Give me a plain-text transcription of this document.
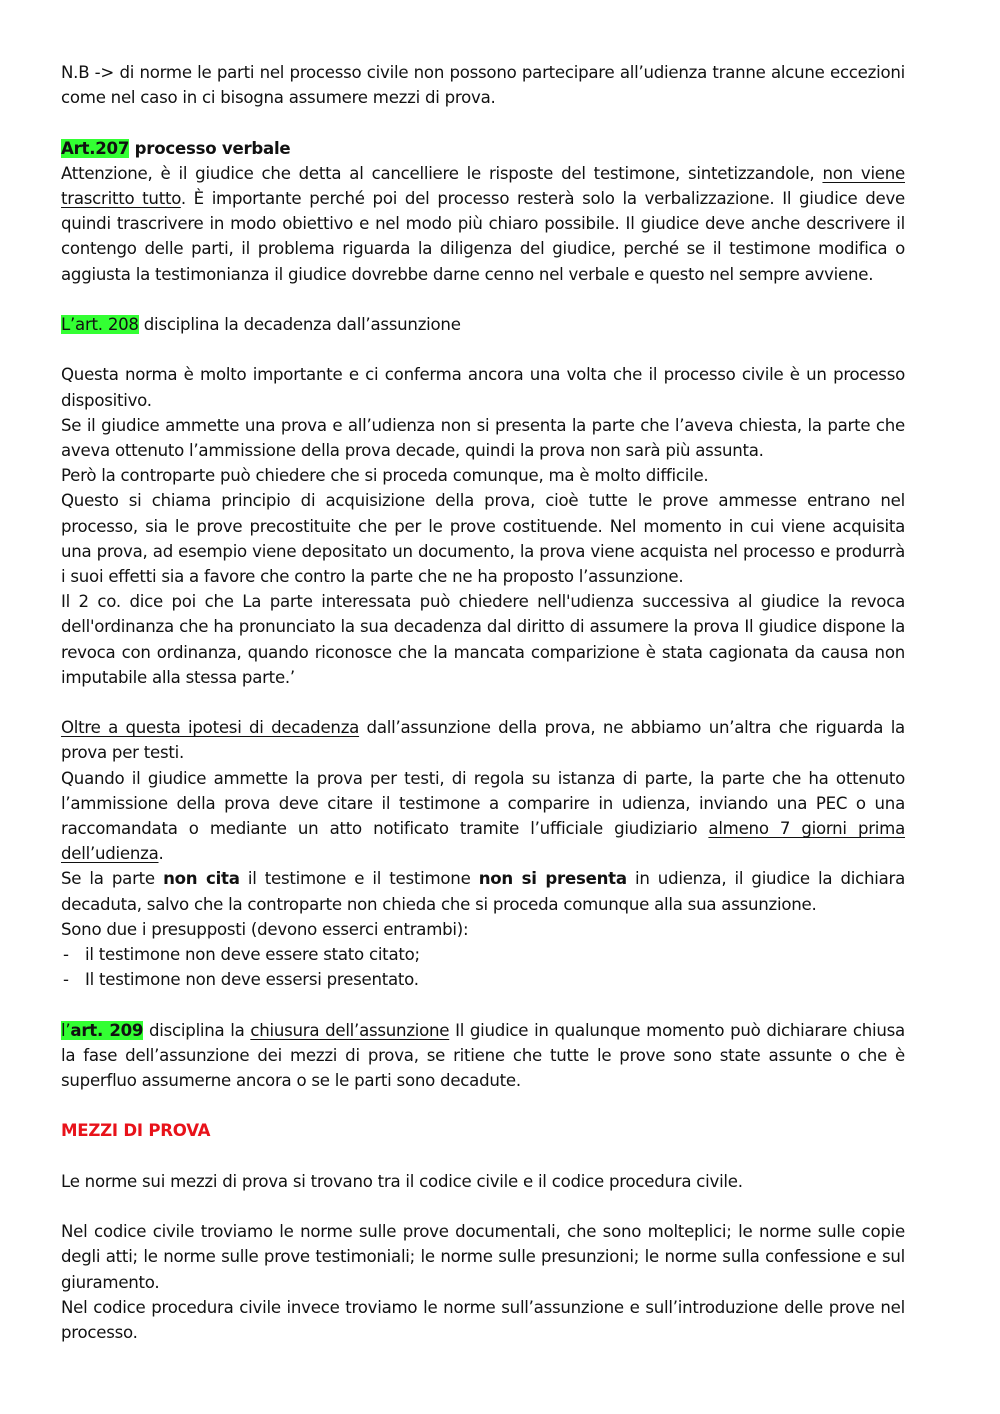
N.B -> di norme le parti nel processo civile non possono partecipare all’udienza tranne alcune eccezioni come nel caso in ci bisogna assumere mezzi di prova.

Art.207 processo verbale

Attenzione, è il giudice che detta al cancelliere le risposte del testimone, sintetizzandole, non viene trascritto tutto. È importante perché poi del processo resterà solo la verbalizzazione. Il giudice deve quindi trascrivere in modo obiettivo e nel modo più chiaro possibile. Il giudice deve anche descrivere il contengo delle parti, il problema riguarda la diligenza del giudice, perché se il testimone modifica o aggiusta la testimonianza il giudice dovrebbe darne cenno nel verbale e questo nel sempre avviene.

L’art. 208 disciplina la decadenza dall’assunzione

Questa norma è molto importante e ci conferma ancora una volta che il processo civile è un processo dispositivo.

Se il giudice ammette una prova e all’udienza non si presenta la parte che l’aveva chiesta, la parte che aveva ottenuto l’ammissione della prova decade, quindi la prova non sarà più assunta.

Però la controparte può chiedere che si proceda comunque, ma è molto difficile.

Questo si chiama principio di acquisizione della prova, cioè tutte le prove ammesse entrano nel processo, sia le prove precostituite che per le prove costituende. Nel momento in cui viene acquisita una prova, ad esempio viene depositato un documento, la prova viene acquista nel processo e produrrà i suoi effetti sia a favore che contro la parte che ne ha proposto l’assunzione.

Il 2 co. dice poi che La parte interessata può chiedere nell'udienza successiva al giudice la revoca dell'ordinanza che ha pronunciato la sua decadenza dal diritto di assumere la prova Il giudice dispone la revoca con ordinanza, quando riconosce che la mancata comparizione è stata cagionata da causa non imputabile alla stessa parte.’

Oltre a questa ipotesi di decadenza dall’assunzione della prova, ne abbiamo un’altra che riguarda la prova per testi.

Quando il giudice ammette la prova per testi, di regola su istanza di parte, la parte che ha ottenuto l’ammissione della prova deve citare il testimone a comparire in udienza, inviando una PEC o una raccomandata o mediante un atto notificato tramite l’ufficiale giudiziario almeno 7 giorni prima dell’udienza.

Se la parte non cita il testimone e il testimone non si presenta in udienza, il giudice la dichiara decaduta, salvo che la controparte non chieda che si proceda comunque alla sua assunzione.

Sono due i presupposti (devono esserci entrambi):

- il testimone non deve essere stato citato;
- Il testimone non deve essersi presentato.

l’art. 209 disciplina la chiusura dell’assunzione Il giudice in qualunque momento può dichiarare chiusa la fase dell’assunzione dei mezzi di prova, se ritiene che tutte le prove sono state assunte o che è superfluo assumerne ancora o se le parti sono decadute.

MEZZI DI PROVA

Le norme sui mezzi di prova si trovano tra il codice civile e il codice procedura civile.

Nel codice civile troviamo le norme sulle prove documentali, che sono molteplici; le norme sulle copie degli atti; le norme sulle prove testimoniali; le norme sulle presunzioni; le norme sulla confessione e sul giuramento.

Nel codice procedura civile invece troviamo le norme sull’assunzione e sull’introduzione delle prove nel processo.
